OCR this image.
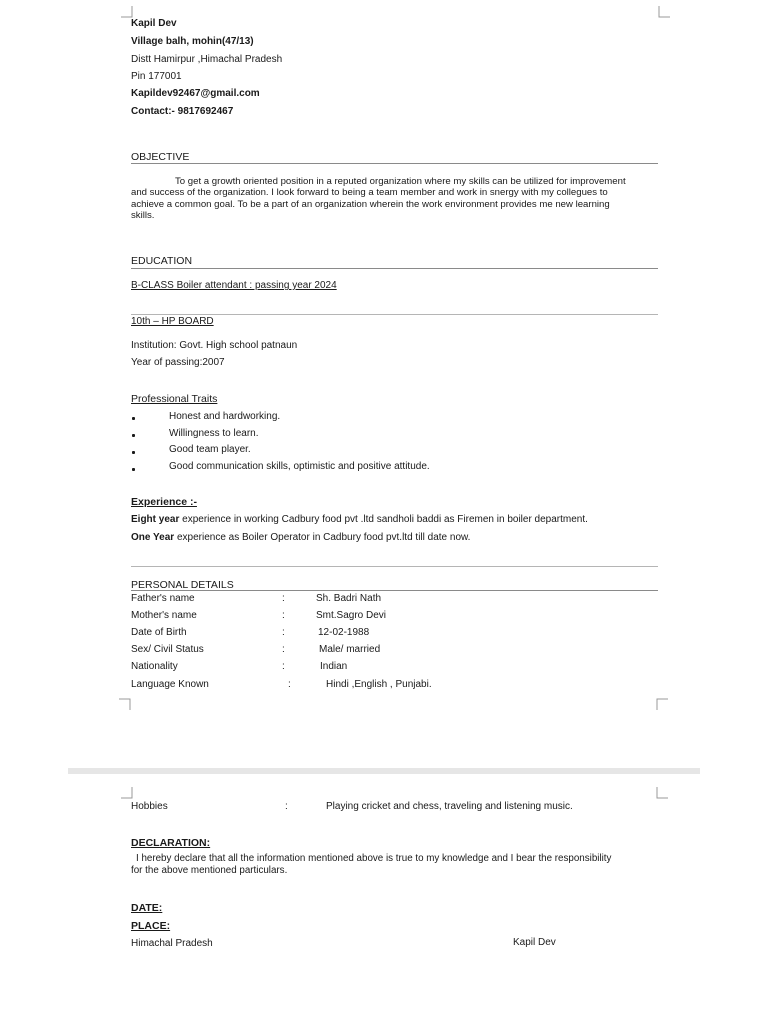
Kapil Dev
Village balh, mohin(47/13)
Distt Hamirpur ,Himachal Pradesh
Pin 177001
Kapildev92467@gmail.com
Contact:- 9817692467
OBJECTIVE
To get a growth oriented position in a reputed organization where my skills can be utilized for improvement
and success of the organization. I look forward to being a team member and work in snergy with my collegues to
achieve a common goal. To be a part of an organization wherein the work environment provides me new learning
skills.
EDUCATION
B-CLASS Boiler attendant : passing year 2024
10th – HP BOARD
Institution: Govt. High school patnaun
Year of passing:2007
Professional Traits
Honest and hardworking.
Willingness to learn.
Good team player.
Good communication skills, optimistic and positive attitude.
Experience :-
Eight year experience in working Cadbury food pvt .ltd sandholi baddi as Firemen in boiler department.
One Year experience as Boiler Operator in Cadbury food pvt.ltd till date now.
PERSONAL DETAILS
Father's name	:	Sh. Badri Nath
Mother's name	:	Smt.Sagro Devi
Date of Birth	:	12-02-1988
Sex/ Civil Status	:	Male/ married
Nationality	:	Indian
Language Known	:	Hindi ,English , Punjabi.
Hobbies	:	Playing cricket and chess, traveling and listening music.
DECLARATION:
I hereby declare that all the information mentioned above is true to my knowledge and I bear the responsibility
for the above mentioned particulars.
DATE:
PLACE:
Himachal Pradesh	Kapil Dev
